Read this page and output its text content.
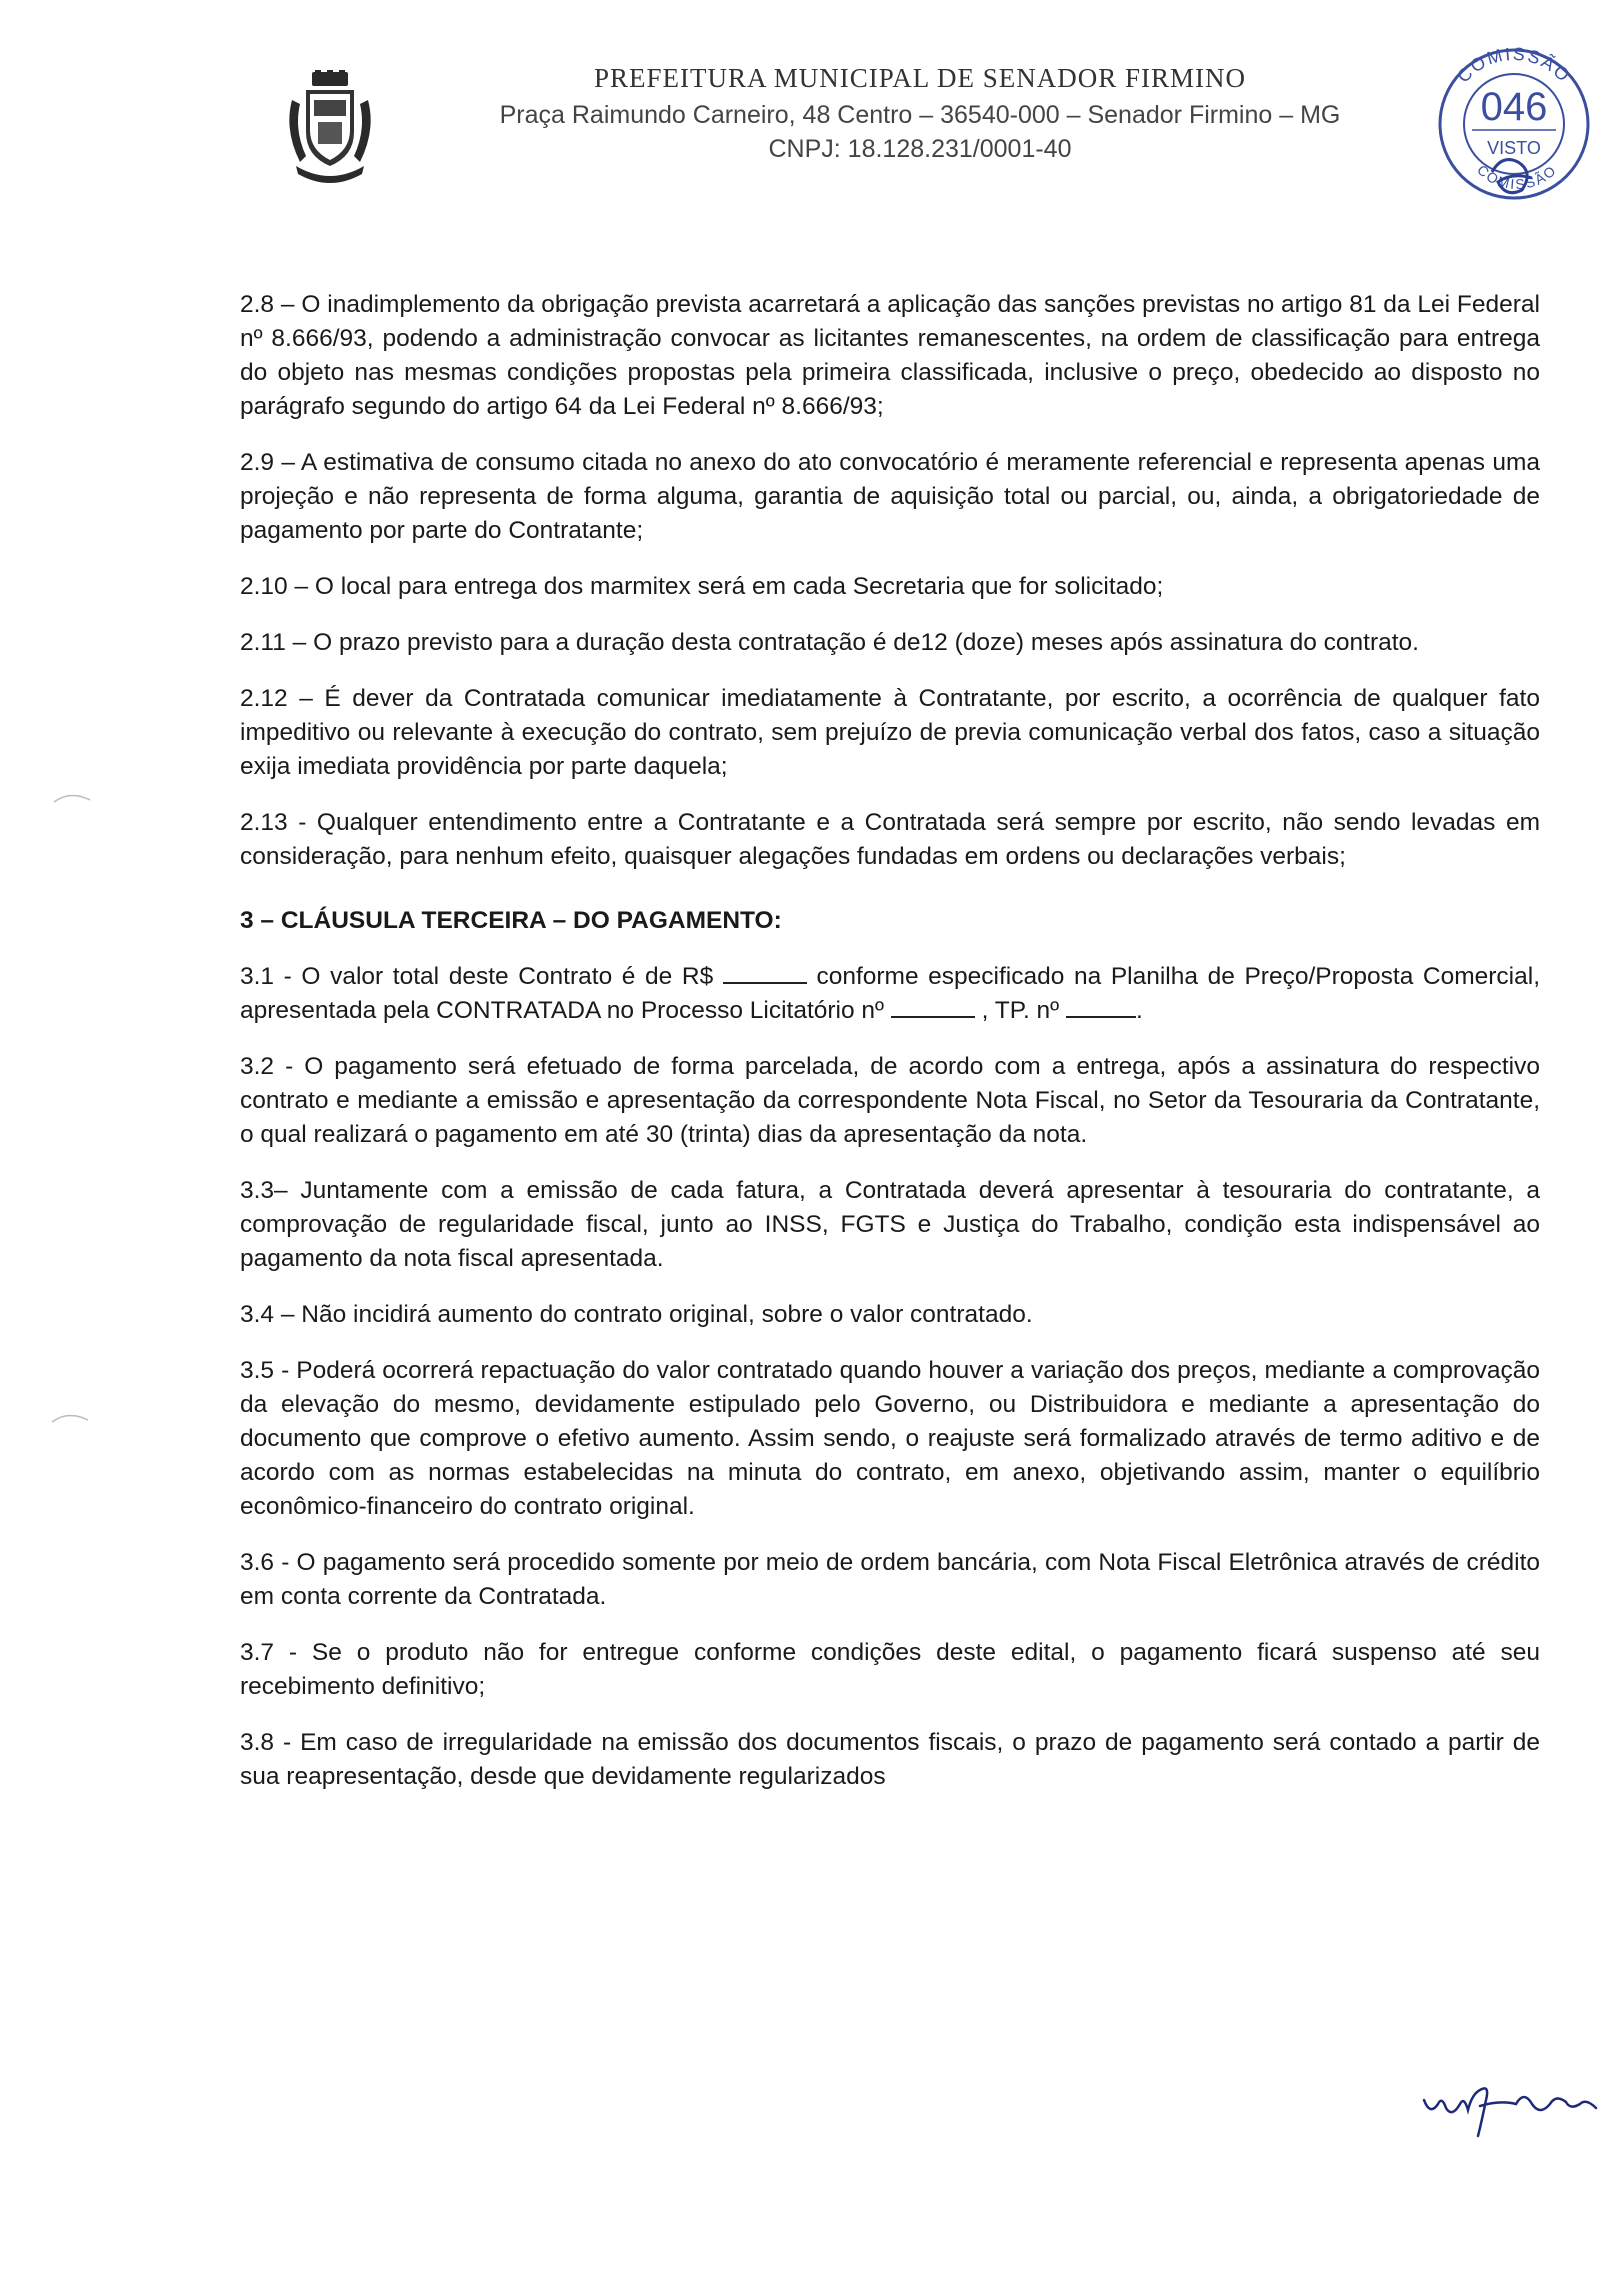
PREFEITURA MUNICIPAL DE SENADOR FIRMINO
Praça Raimundo Carneiro, 48 Centro – 36540-000 – Senador Firmino – MG
CNPJ: 18.128.231/0001-40
COMISSÃO
046
VISTO
COMISSÃO

2.8 – O inadimplemento da obrigação prevista acarretará a aplicação das sanções previstas no artigo 81 da Lei Federal nº 8.666/93, podendo a administração convocar as licitantes remanescentes, na ordem de classificação para entrega do objeto nas mesmas condições propostas pela primeira classificada, inclusive o preço, obedecido ao disposto no parágrafo segundo do artigo 64 da Lei Federal nº 8.666/93;

2.9 – A estimativa de consumo citada no anexo do ato convocatório é meramente referencial e representa apenas uma projeção e não representa de forma alguma, garantia de aquisição total ou parcial, ou, ainda, a obrigatoriedade de pagamento por parte do Contratante;

2.10 – O local para entrega dos marmitex será em cada Secretaria que for solicitado;

2.11 – O prazo previsto para a duração desta contratação é de12 (doze) meses após assinatura do contrato.

2.12 – É dever da Contratada comunicar imediatamente à Contratante, por escrito, a ocorrência de qualquer fato impeditivo ou relevante à execução do contrato, sem prejuízo de previa comunicação verbal dos fatos, caso a situação exija imediata providência por parte daquela;

2.13 - Qualquer entendimento entre a Contratante e a Contratada será sempre por escrito, não sendo levadas em consideração, para nenhum efeito, quaisquer alegações fundadas em ordens ou declarações verbais;

3 – CLÁUSULA TERCEIRA – DO PAGAMENTO:

3.1 - O valor total deste Contrato é de R$	conforme especificado na Planilha de Preço/Proposta Comercial, apresentada pela CONTRATADA no Processo Licitatório nº	, TP. nº	.

3.2 - O pagamento será efetuado de forma parcelada, de acordo com a entrega, após a assinatura do respectivo contrato e mediante a emissão e apresentação da correspondente Nota Fiscal, no Setor da Tesouraria da Contratante, o qual realizará o pagamento em até 30 (trinta) dias da apresentação da nota.

3.3– Juntamente com a emissão de cada fatura, a Contratada deverá apresentar à tesouraria do contratante, a comprovação de regularidade fiscal, junto ao INSS, FGTS e Justiça do Trabalho, condição esta indispensável ao pagamento da nota fiscal apresentada.

3.4 – Não incidirá aumento do contrato original, sobre o valor contratado.

3.5 - Poderá ocorrerá repactuação do valor contratado quando houver a variação dos preços, mediante a comprovação da elevação do mesmo, devidamente estipulado pelo Governo, ou Distribuidora e mediante a apresentação do documento que comprove o efetivo aumento. Assim sendo, o reajuste será formalizado através de termo aditivo e de acordo com as normas estabelecidas na minuta do contrato, em anexo, objetivando assim, manter o equilíbrio econômico-financeiro do contrato original.

3.6 - O pagamento será procedido somente por meio de ordem bancária, com Nota Fiscal Eletrônica através de crédito em conta corrente da Contratada.

3.7 - Se o produto não for entregue conforme condições deste edital, o pagamento ficará suspenso até seu recebimento definitivo;

3.8 - Em caso de irregularidade na emissão dos documentos fiscais, o prazo de pagamento será contado a partir de sua reapresentação, desde que devidamente regularizados
